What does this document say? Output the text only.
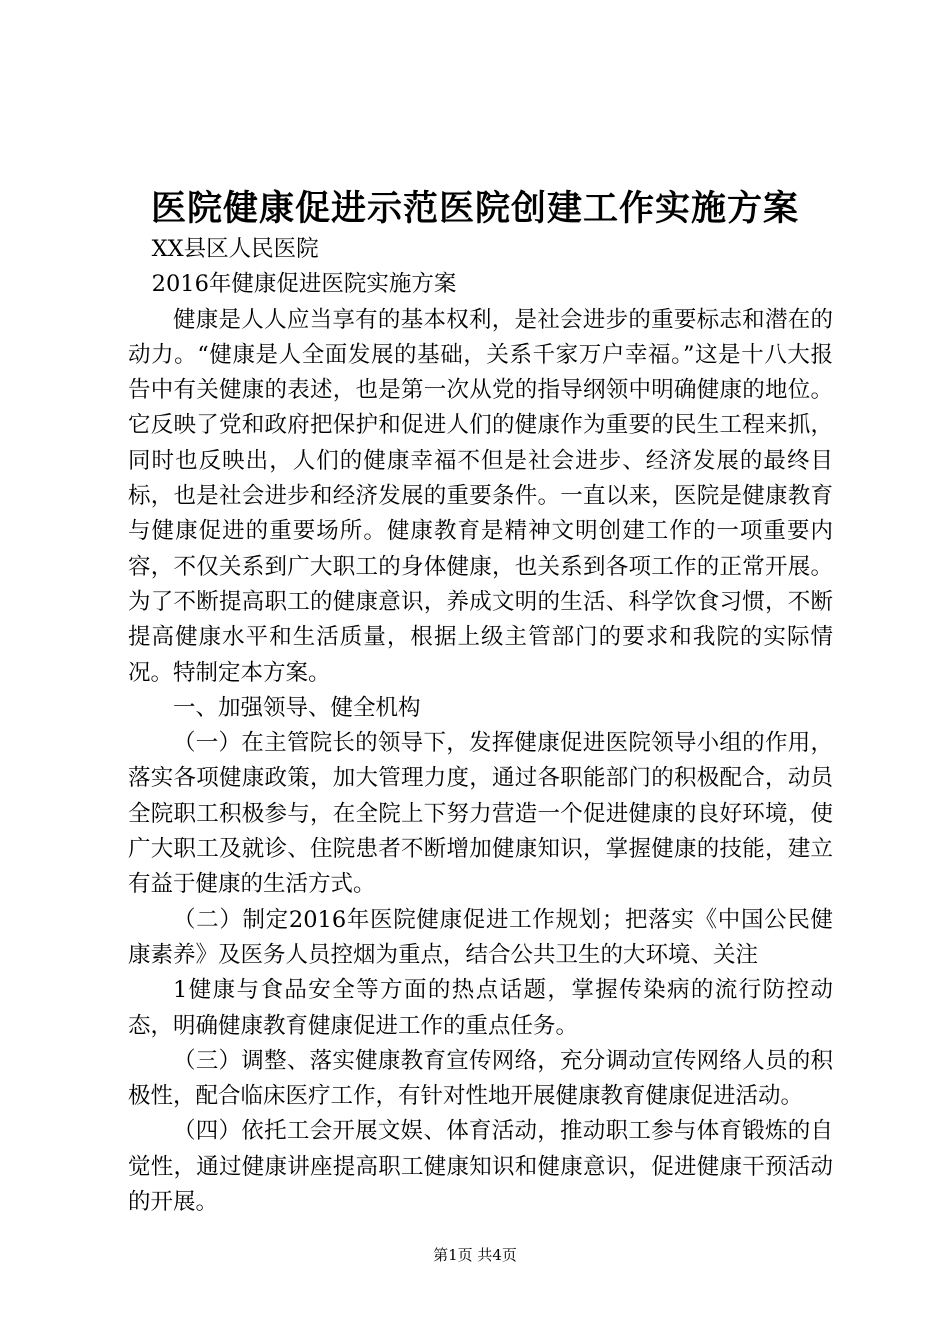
医院健康促进示范医院创建工作实施方案

XX县区人民医院

2016年健康促进医院实施方案

健康是人人应当享有的基本权利，是社会进步的重要标志和潜在的动力。“健康是人全面发展的基础，关系千家万户幸福。”这是十八大报告中有关健康的表述，也是第一次从党的指导纲领中明确健康的地位。它反映了党和政府把保护和促进人们的健康作为重要的民生工程来抓，同时也反映出，人们的健康幸福不但是社会进步、经济发展的最终目标，也是社会进步和经济发展的重要条件。一直以来，医院是健康教育与健康促进的重要场所。健康教育是精神文明创建工作的一项重要内容，不仅关系到广大职工的身体健康，也关系到各项工作的正常开展。为了不断提高职工的健康意识，养成文明的生活、科学饮食习惯，不断提高健康水平和生活质量，根据上级主管部门的要求和我院的实际情况。特制定本方案。

一、加强领导、健全机构

（一）在主管院长的领导下，发挥健康促进医院领导小组的作用，落实各项健康政策，加大管理力度，通过各职能部门的积极配合，动员全院职工积极参与，在全院上下努力营造一个促进健康的良好环境，使广大职工及就诊、住院患者不断增加健康知识，掌握健康的技能，建立有益于健康的生活方式。

（二）制定2016年医院健康促进工作规划；把落实《中国公民健康素养》及医务人员控烟为重点，结合公共卫生的大环境、关注

1健康与食品安全等方面的热点话题，掌握传染病的流行防控动态，明确健康教育健康促进工作的重点任务。

（三）调整、落实健康教育宣传网络，充分调动宣传网络人员的积极性，配合临床医疗工作，有针对性地开展健康教育健康促进活动。

（四）依托工会开展文娱、体育活动，推动职工参与体育锻炼的自觉性，通过健康讲座提高职工健康知识和健康意识，促进健康干预活动的开展。

第1页 共4页
